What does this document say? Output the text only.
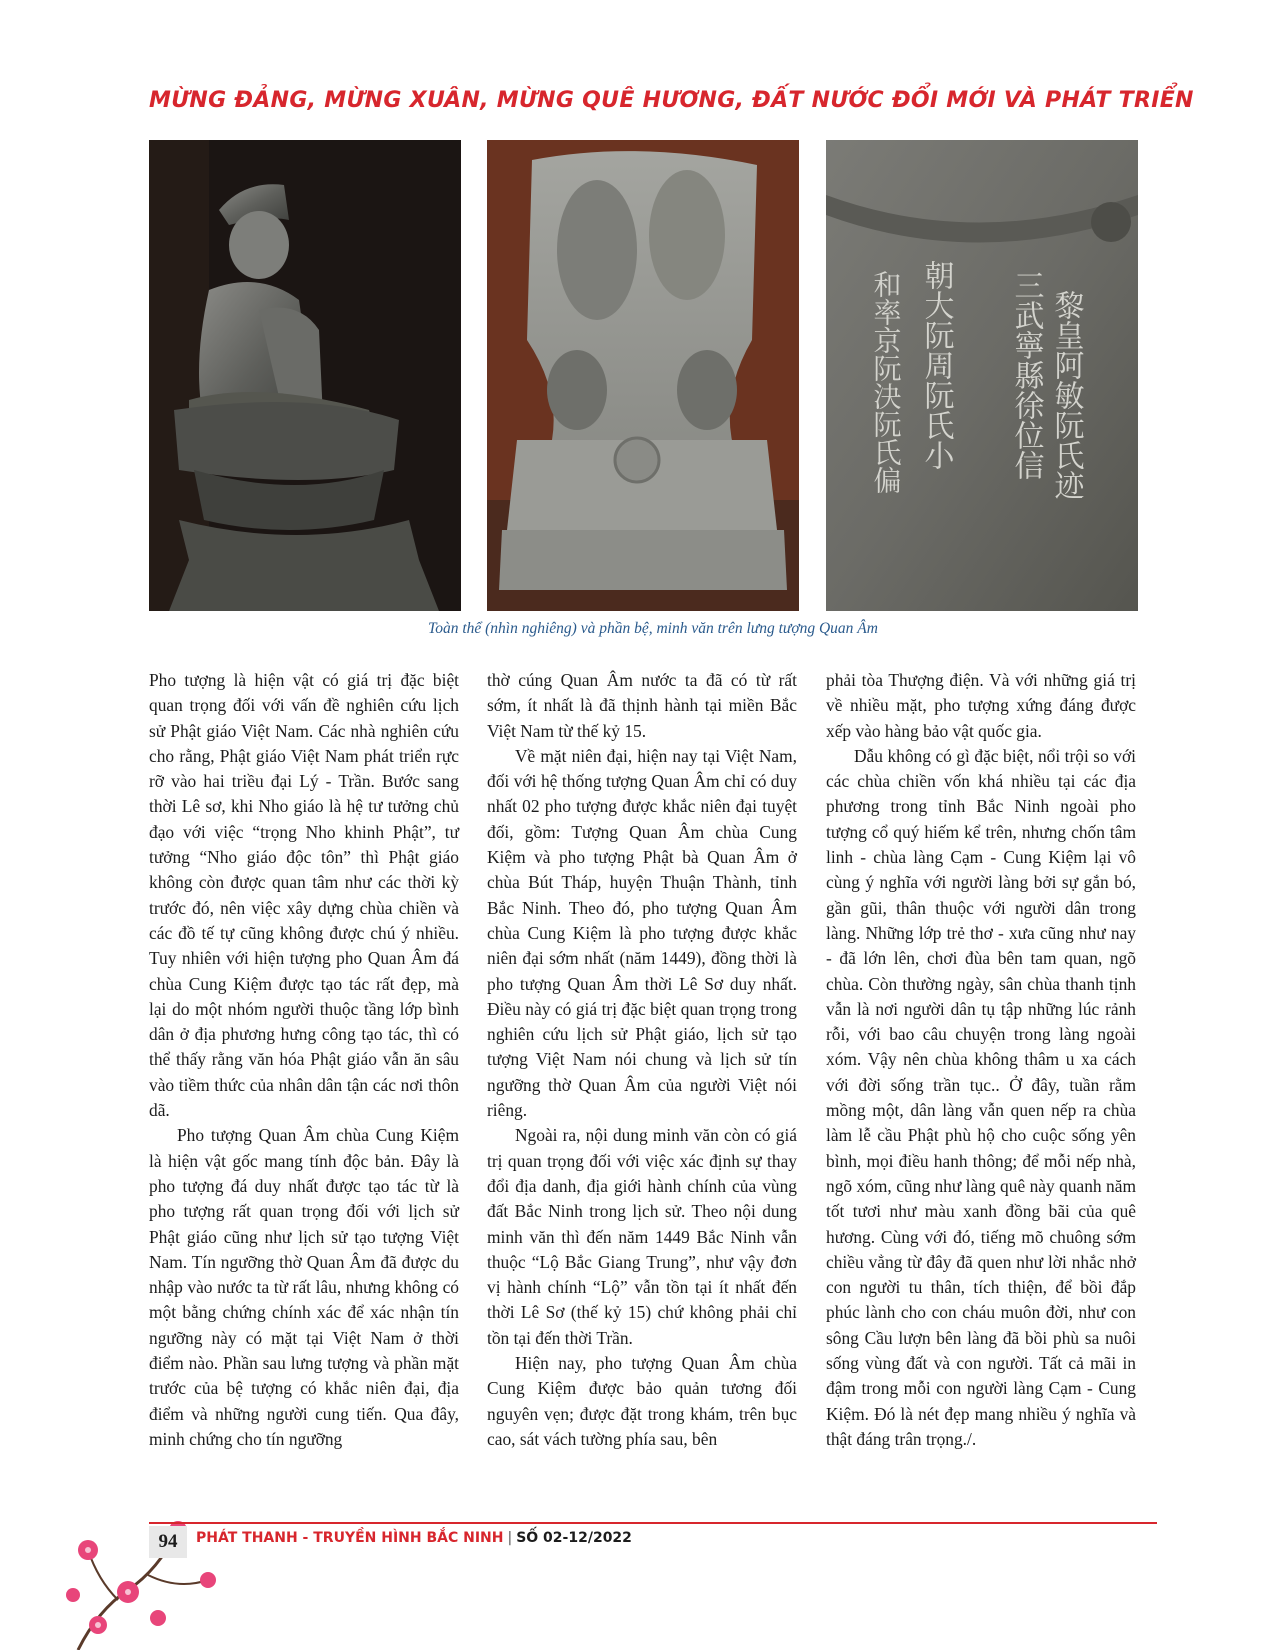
MỪNG ĐẢNG, MỪNG XUÂN, MỪNG QUÊ HƯƠNG, ĐẤT NƯỚC ĐỔI MỚI VÀ PHÁT TRIỂN
黎皇阿敏阮氏迹
三武寧縣徐位信
朝大阮周阮氏小
和率京阮決阮氏偏
Toàn thể (nhìn nghiêng) và phần bệ, minh văn trên lưng tượng Quan Âm

Pho tượng là hiện vật có giá trị đặc biệt quan trọng đối với vấn đề nghiên cứu lịch sử Phật giáo Việt Nam. Các nhà nghiên cứu cho rằng, Phật giáo Việt Nam phát triển rực rỡ vào hai triều đại Lý - Trần. Bước sang thời Lê sơ, khi Nho giáo là hệ tư tưởng chủ đạo với việc “trọng Nho khinh Phật”, tư tưởng “Nho giáo độc tôn” thì Phật giáo không còn được quan tâm như các thời kỳ trước đó, nên việc xây dựng chùa chiền và các đồ tế tự cũng không được chú ý nhiều. Tuy nhiên với hiện tượng pho Quan Âm đá chùa Cung Kiệm được tạo tác rất đẹp, mà lại do một nhóm người thuộc tầng lớp bình dân ở địa phương hưng công tạo tác, thì có thể thấy rằng văn hóa Phật giáo vẫn ăn sâu vào tiềm thức của nhân dân tận các nơi thôn dã.

Pho tượng Quan Âm chùa Cung Kiệm là hiện vật gốc mang tính độc bản. Đây là pho tượng đá duy nhất được tạo tác từ là pho tượng rất quan trọng đối với lịch sử Phật giáo cũng như lịch sử tạo tượng Việt Nam. Tín ngưỡng thờ Quan Âm đã được du nhập vào nước ta từ rất lâu, nhưng không có một bằng chứng chính xác để xác nhận tín ngưỡng này có mặt tại Việt Nam ở thời điểm nào. Phần sau lưng tượng và phần mặt trước của bệ tượng có khắc niên đại, địa điểm và những người cung tiến. Qua đây, minh chứng cho tín ngưỡng

thờ cúng Quan Âm nước ta đã có từ rất sớm, ít nhất là đã thịnh hành tại miền Bắc Việt Nam từ thế kỷ 15.

Về mặt niên đại, hiện nay tại Việt Nam, đối với hệ thống tượng Quan Âm chỉ có duy nhất 02 pho tượng được khắc niên đại tuyệt đối, gồm: Tượng Quan Âm chùa Cung Kiệm và pho tượng Phật bà Quan Âm ở chùa Bút Tháp, huyện Thuận Thành, tỉnh Bắc Ninh. Theo đó, pho tượng Quan Âm chùa Cung Kiệm là pho tượng được khắc niên đại sớm nhất (năm 1449), đồng thời là pho tượng Quan Âm thời Lê Sơ duy nhất. Điều này có giá trị đặc biệt quan trọng trong nghiên cứu lịch sử Phật giáo, lịch sử tạo tượng Việt Nam nói chung và lịch sử tín ngưỡng thờ Quan Âm của người Việt nói riêng.

Ngoài ra, nội dung minh văn còn có giá trị quan trọng đối với việc xác định sự thay đổi địa danh, địa giới hành chính của vùng đất Bắc Ninh trong lịch sử. Theo nội dung minh văn thì đến năm 1449 Bắc Ninh vẫn thuộc “Lộ Bắc Giang Trung”, như vậy đơn vị hành chính “Lộ” vẫn tồn tại ít nhất đến thời Lê Sơ (thế kỷ 15) chứ không phải chỉ tồn tại đến thời Trần.

Hiện nay, pho tượng Quan Âm chùa Cung Kiệm được bảo quản tương đối nguyên vẹn; được đặt trong khám, trên bục cao, sát vách tường phía sau, bên

phải tòa Thượng điện. Và với những giá trị về nhiều mặt, pho tượng xứng đáng được xếp vào hàng bảo vật quốc gia.

Dẫu không có gì đặc biệt, nổi trội so với các chùa chiền vốn khá nhiều tại các địa phương trong tỉnh Bắc Ninh ngoài pho tượng cổ quý hiếm kể trên, nhưng chốn tâm linh - chùa làng Cạm - Cung Kiệm lại vô cùng ý nghĩa với người làng bởi sự gắn bó, gần gũi, thân thuộc với người dân trong làng. Những lớp trẻ thơ - xưa cũng như nay - đã lớn lên, chơi đùa bên tam quan, ngõ chùa. Còn thường ngày, sân chùa thanh tịnh vẫn là nơi người dân tụ tập những lúc rảnh rỗi, với bao câu chuyện trong làng ngoài xóm. Vậy nên chùa không thâm u xa cách với đời sống trần tục.. Ở đây, tuần rằm mồng một, dân làng vẫn quen nếp ra chùa làm lễ cầu Phật phù hộ cho cuộc sống yên bình, mọi điều hanh thông; để mỗi nếp nhà, ngõ xóm, cũng như làng quê này quanh năm tốt tươi như màu xanh đồng bãi của quê hương. Cùng với đó, tiếng mõ chuông sớm chiều vẳng từ đây đã quen như lời nhắc nhở con người tu thân, tích thiện, để bồi đắp phúc lành cho con cháu muôn đời, như con sông Cầu lượn bên làng đã bồi phù sa nuôi sống vùng đất và con người. Tất cả mãi in đậm trong mỗi con người làng Cạm - Cung Kiệm. Đó là nét đẹp mang nhiều ý nghĩa và thật đáng trân trọng./.

94	PHÁT THANH - TRUYỀN HÌNH BẮC NINH | SỐ 02-12/2022
